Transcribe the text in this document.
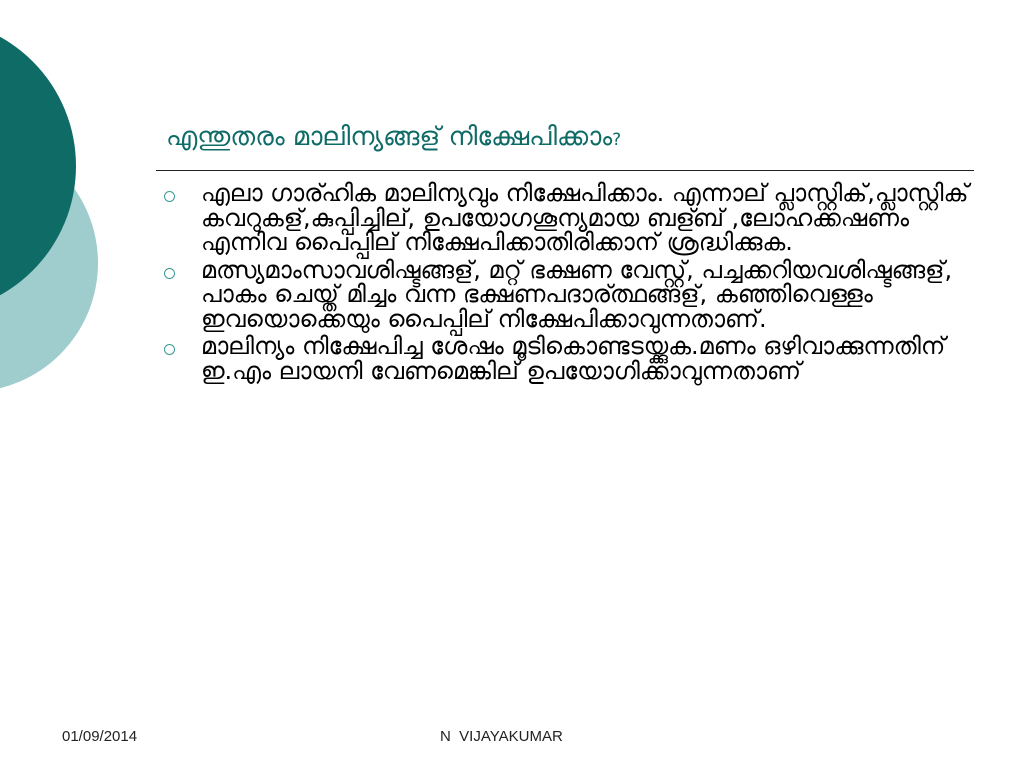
എന്തുതരം മാലിന്യങ്ങള് നിക്ഷേപിക്കാം?
എലാ ഗാര്ഹിക മാലിന്യവും നിക്ഷേപിക്കാം. എന്നാല് പ്ലാസ്റ്റിക്,പ്ലാസ്റ്റിക് കവറുകള്,കുപ്പിച്ചില്, ഉപയോഗശൂന്യമായ ബള്ബ് ,ലോഹക്കഷണം എന്നിവ പൈപ്പില് നിക്ഷേപിക്കാതിരിക്കാന് ശ്രദ്ധിക്കുക.
മത്സ്യമാംസാവശിഷ്ടങ്ങള്, മറ്റ് ഭക്ഷണ വേസ്റ്റ്, പച്ചക്കറിയവശിഷ്ടങ്ങള്, പാകം ചെയ്ത് മിച്ചം വന്ന ഭക്ഷണപദാര്ത്ഥങ്ങള്, കഞ്ഞിവെള്ളം ഇവയൊക്കെയും പൈപ്പില് നിക്ഷേപിക്കാവുന്നതാണ്.
മാലിന്യം നിക്ഷേപിച്ച ശേഷം മൂടികൊണ്ടടയ്ക്കുക.മണം ഒഴിവാക്കുന്നതിന് ഇ.എം ലായനി വേണമെങ്കില് ഉപയോഗിക്കാവുന്നതാണ്
01/09/2014	N  VIJAYAKUMAR
